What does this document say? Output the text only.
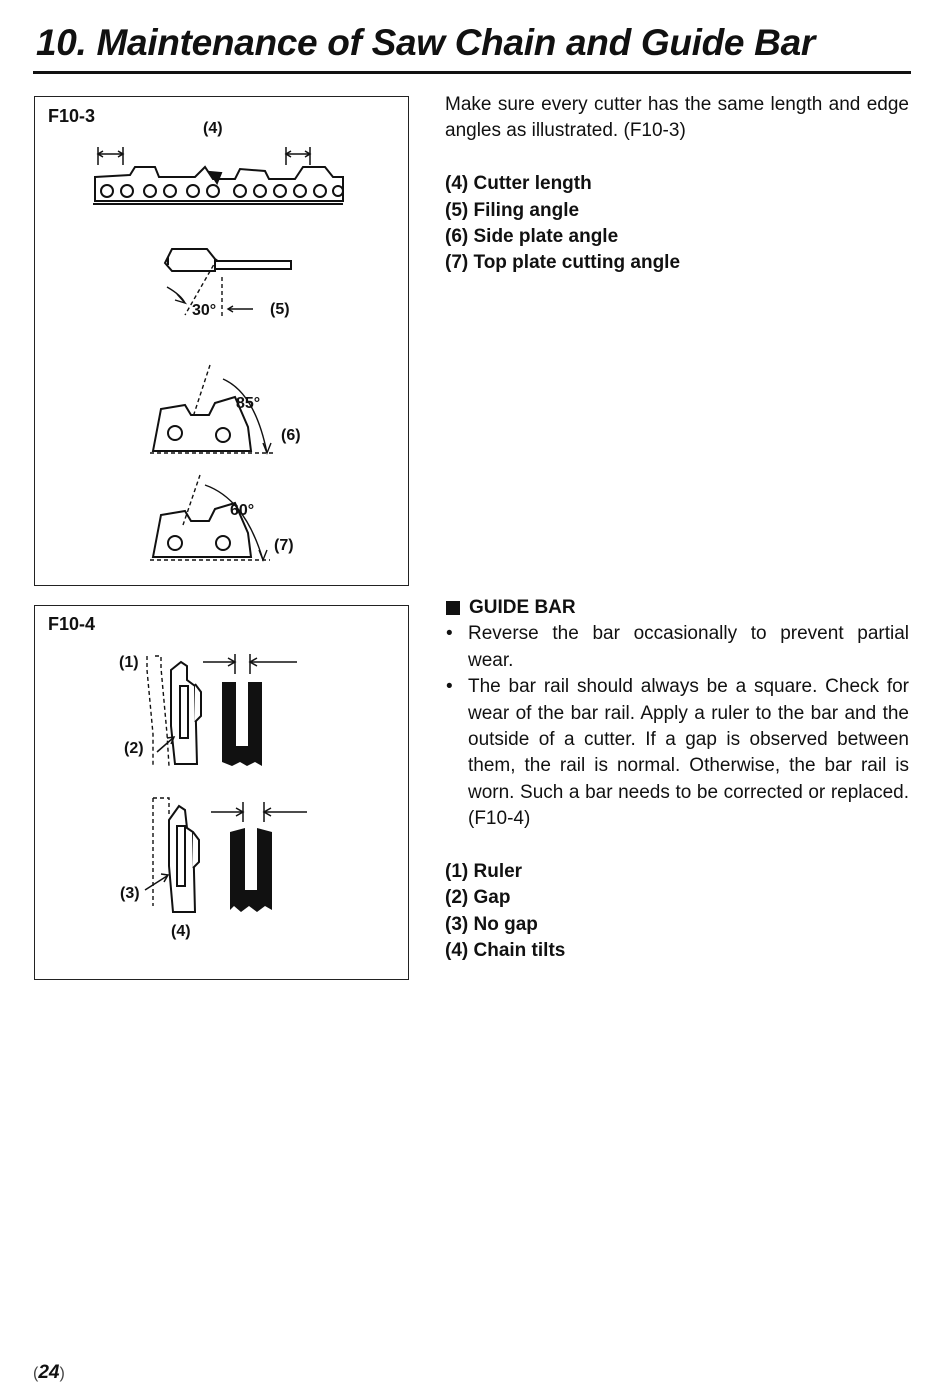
10. Maintenance of Saw Chain and Guide Bar
F10-3
(4)
30°	(5)
85°
(6)
60°
(7)
F10-4
(1)
(2)
(3)
(4)

Make sure every cutter has the same length and edge angles as illustrated. (F10-3)

(4) Cutter length
(5) Filing angle
(6) Side plate angle
(7) Top plate cutting angle
GUIDE BAR
• Reverse the bar occasionally to prevent partial wear.
• The bar rail should always be a square. Check for wear of the bar rail. Apply a ruler to the bar and the outside of a cutter. If a gap is observed between them, the rail is normal. Otherwise, the bar rail is worn. Such a bar needs to be corrected or replaced. (F10-4)
(1) Ruler
(2) Gap
(3) No gap
(4) Chain tilts
(24)
